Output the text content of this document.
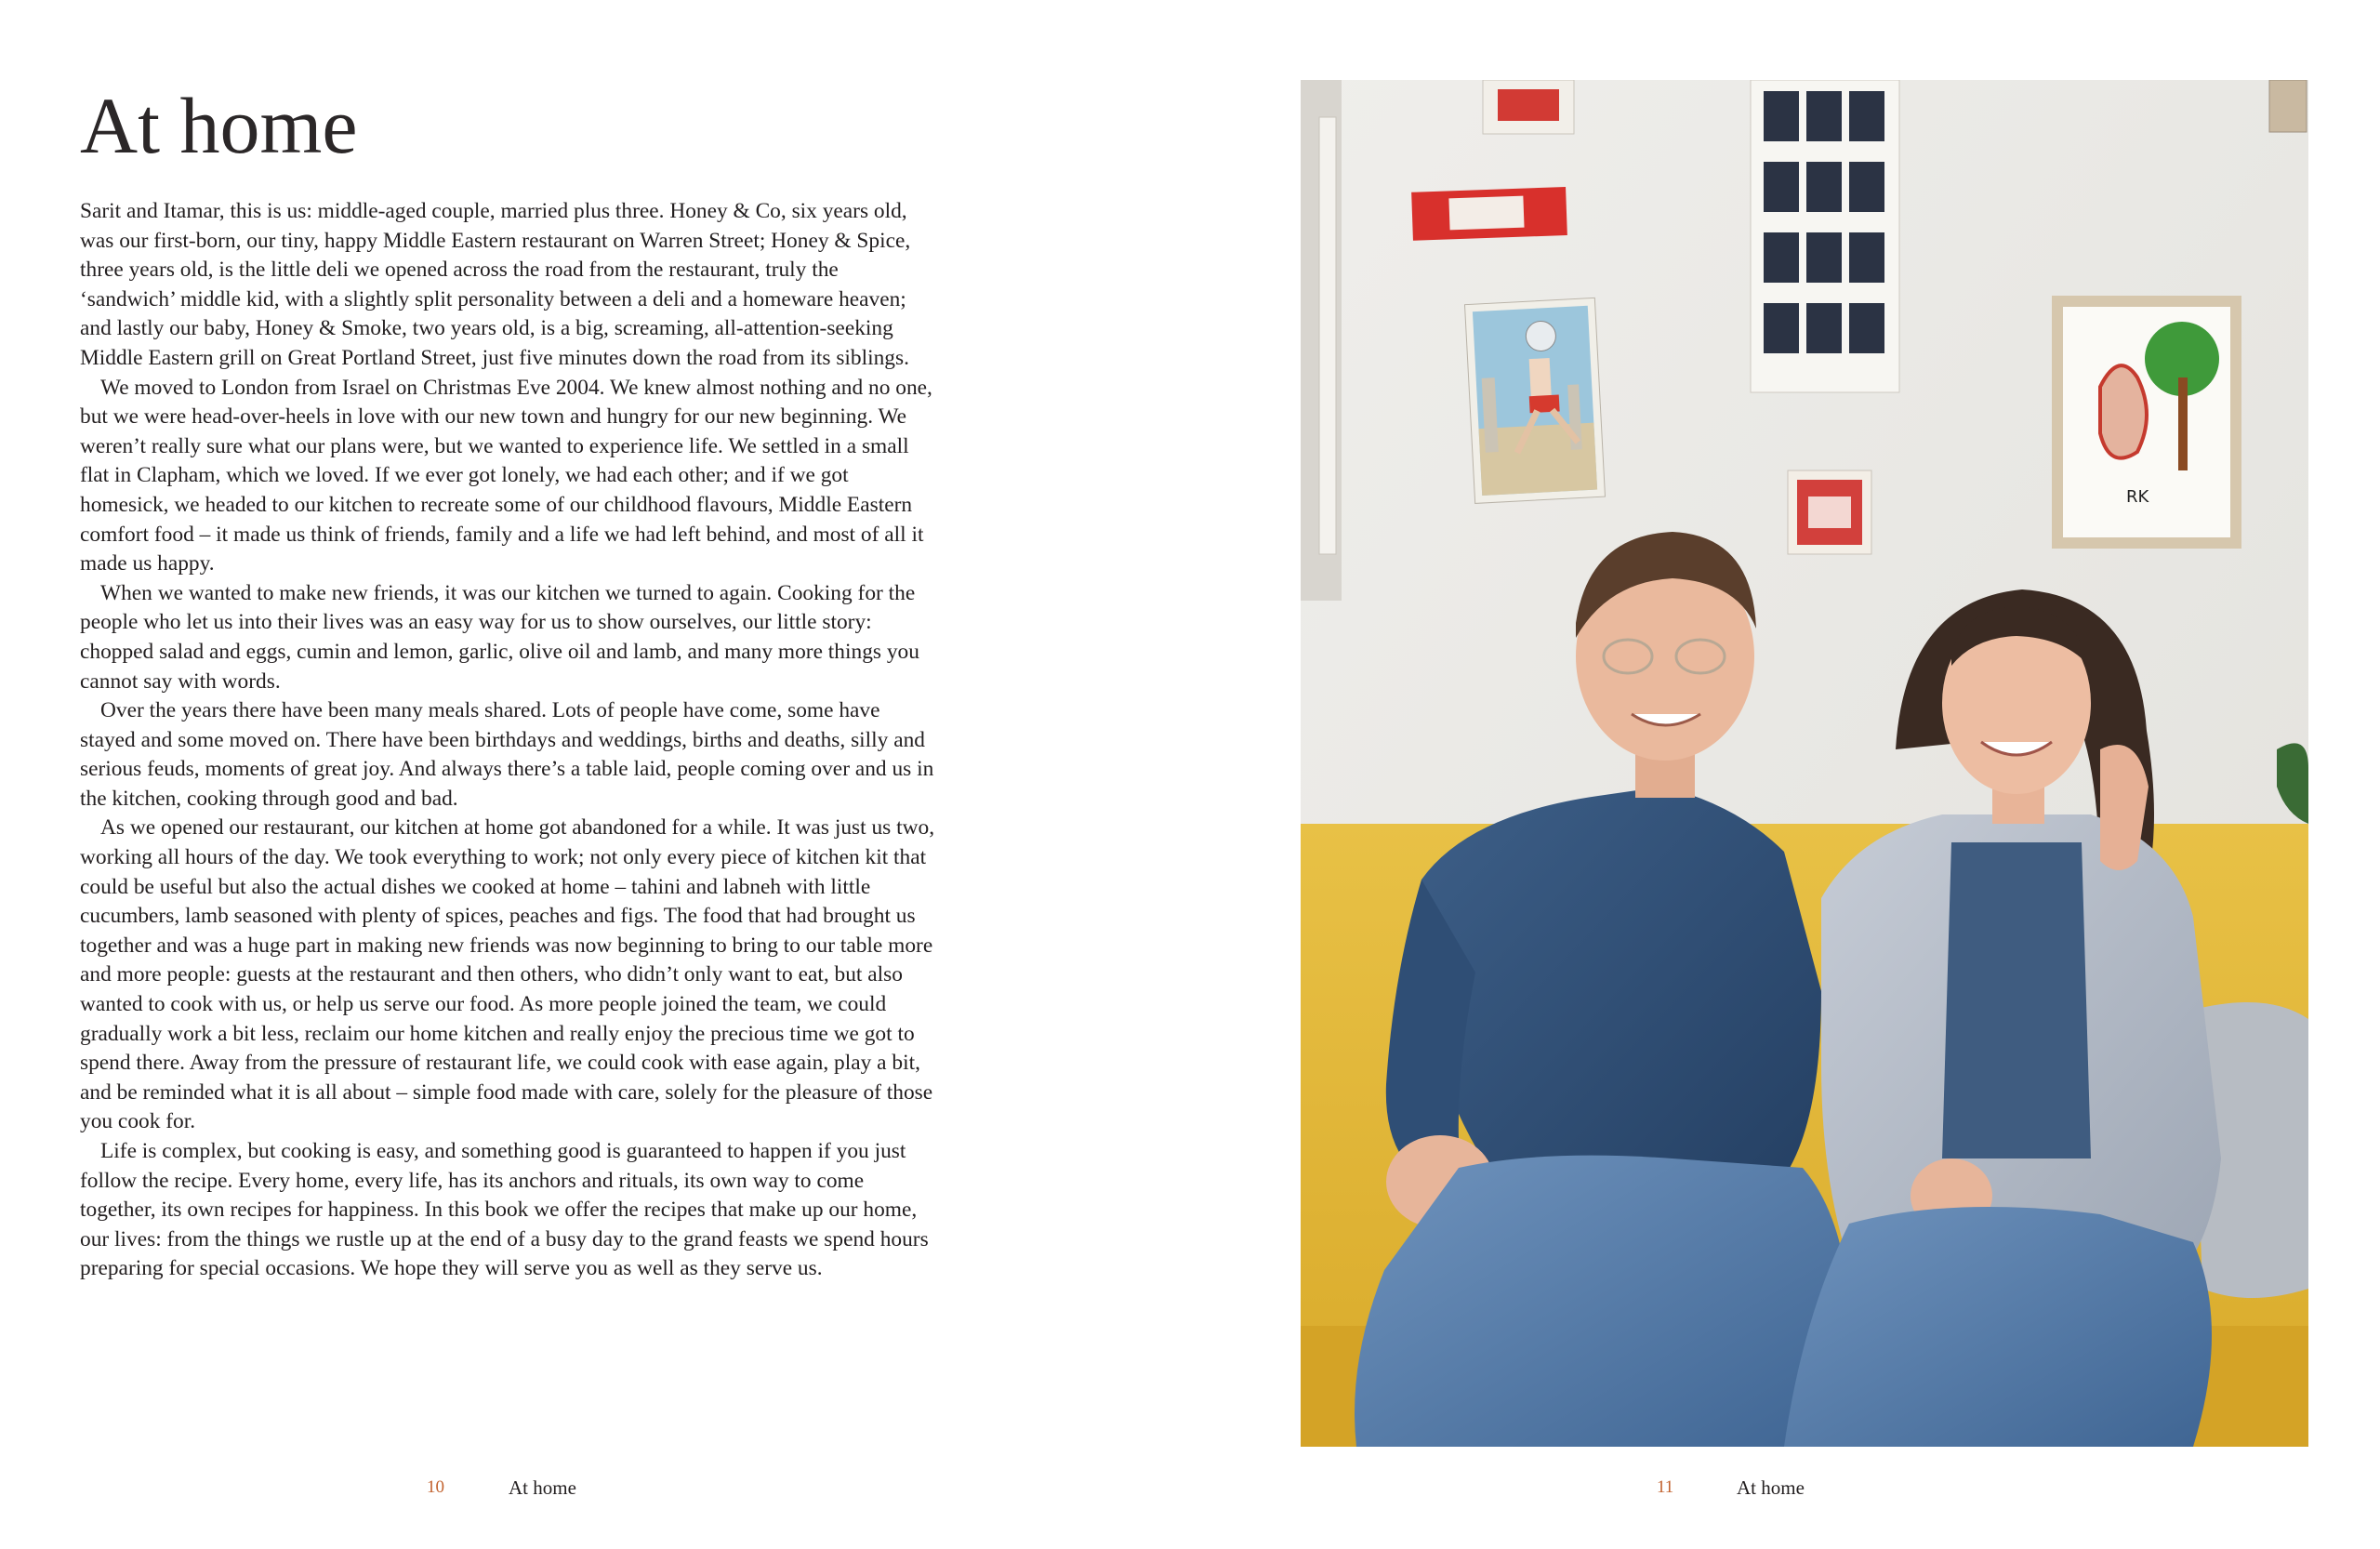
At home

Sarit and Itamar, this is us: middle-aged couple, married plus three. Honey & Co, six years old, was our first-born, our tiny, happy Middle Eastern restaurant on Warren Street; Honey & Spice, three years old, is the little deli we opened across the road from the restaurant, truly the ‘sandwich’ middle kid, with a slightly split personality between a deli and a homeware heaven; and lastly our baby, Honey & Smoke, two years old, is a big, screaming, all-attention-seeking Middle Eastern grill on Great Portland Street, just five minutes down the road from its siblings.

We moved to London from Israel on Christmas Eve 2004. We knew almost nothing and no one, but we were head-over-heels in love with our new town and hungry for our new beginning. We weren’t really sure what our plans were, but we wanted to experience life. We settled in a small flat in Clapham, which we loved. If we ever got lonely, we had each other; and if we got homesick, we headed to our kitchen to recreate some of our childhood flavours, Middle Eastern comfort food – it made us think of friends, family and a life we had left behind, and most of all it made us happy.

When we wanted to make new friends, it was our kitchen we turned to again. Cooking for the people who let us into their lives was an easy way for us to show ourselves, our little story: chopped salad and eggs, cumin and lemon, garlic, olive oil and lamb, and many more things you cannot say with words.

Over the years there have been many meals shared. Lots of people have come, some have stayed and some moved on. There have been birthdays and weddings, births and deaths, silly and serious feuds, moments of great joy. And always there’s a table laid, people coming over and us in the kitchen, cooking through good and bad.

As we opened our restaurant, our kitchen at home got abandoned for a while. It was just us two, working all hours of the day. We took everything to work; not only every piece of kitchen kit that could be useful but also the actual dishes we cooked at home – tahini and labneh with little cucumbers, lamb seasoned with plenty of spices, peaches and figs. The food that had brought us together and was a huge part in making new friends was now beginning to bring to our table more and more people: guests at the restaurant and then others, who didn’t only want to eat, but also wanted to cook with us, or help us serve our food. As more people joined the team, we could gradually work a bit less, reclaim our home kitchen and really enjoy the precious time we got to spend there. Away from the pressure of restaurant life, we could cook with ease again, play a bit, and be reminded what it is all about – simple food made with care, solely for the pleasure of those you cook for.

Life is complex, but cooking is easy, and something good is guaranteed to happen if you just follow the recipe. Every home, every life, has its anchors and rituals, its own way to come together, its own recipes for happiness. In this book we offer the recipes that make up our home, our lives: from the things we rustle up at the end of a busy day to the grand feasts we spend hours preparing for special occasions. We hope they will serve you as well as they serve us.

10	At home	11	At home
RK
